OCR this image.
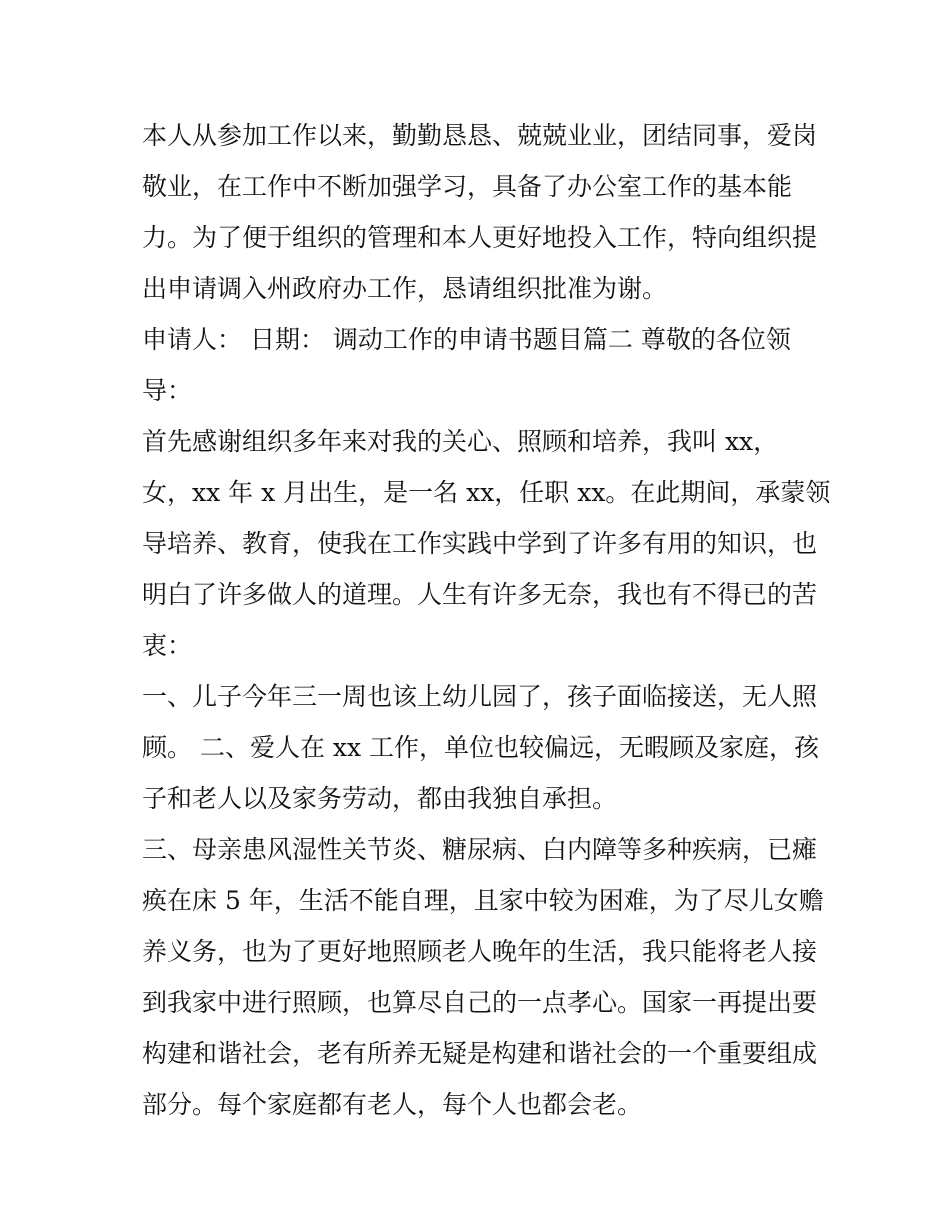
本人从参加工作以来，勤勤恳恳、兢兢业业，团结同事，爱岗
敬业，在工作中不断加强学习，具备了办公室工作的基本能
力。为了便于组织的管理和本人更好地投入工作，特向组织提
出申请调入州政府办工作，恳请组织批准为谢。
申请人： 日期： 调动工作的申请书题目篇二 尊敬的各位领
导：
首先感谢组织多年来对我的关心、照顾和培养，我叫 xx，
女，xx 年 x 月出生，是一名 xx，任职 xx。在此期间，承蒙领
导培养、教育，使我在工作实践中学到了许多有用的知识，也
明白了许多做人的道理。人生有许多无奈，我也有不得已的苦
衷：
一、儿子今年三一周也该上幼儿园了，孩子面临接送，无人照
顾。 二、爱人在 xx 工作，单位也较偏远，无暇顾及家庭，孩
子和老人以及家务劳动，都由我独自承担。
三、母亲患风湿性关节炎、糖尿病、白内障等多种疾病，已瘫
痪在床 5 年，生活不能自理，且家中较为困难，为了尽儿女赡
养义务，也为了更好地照顾老人晚年的生活，我只能将老人接
到我家中进行照顾，也算尽自己的一点孝心。国家一再提出要
构建和谐社会，老有所养无疑是构建和谐社会的一个重要组成
部分。每个家庭都有老人，每个人也都会老。
